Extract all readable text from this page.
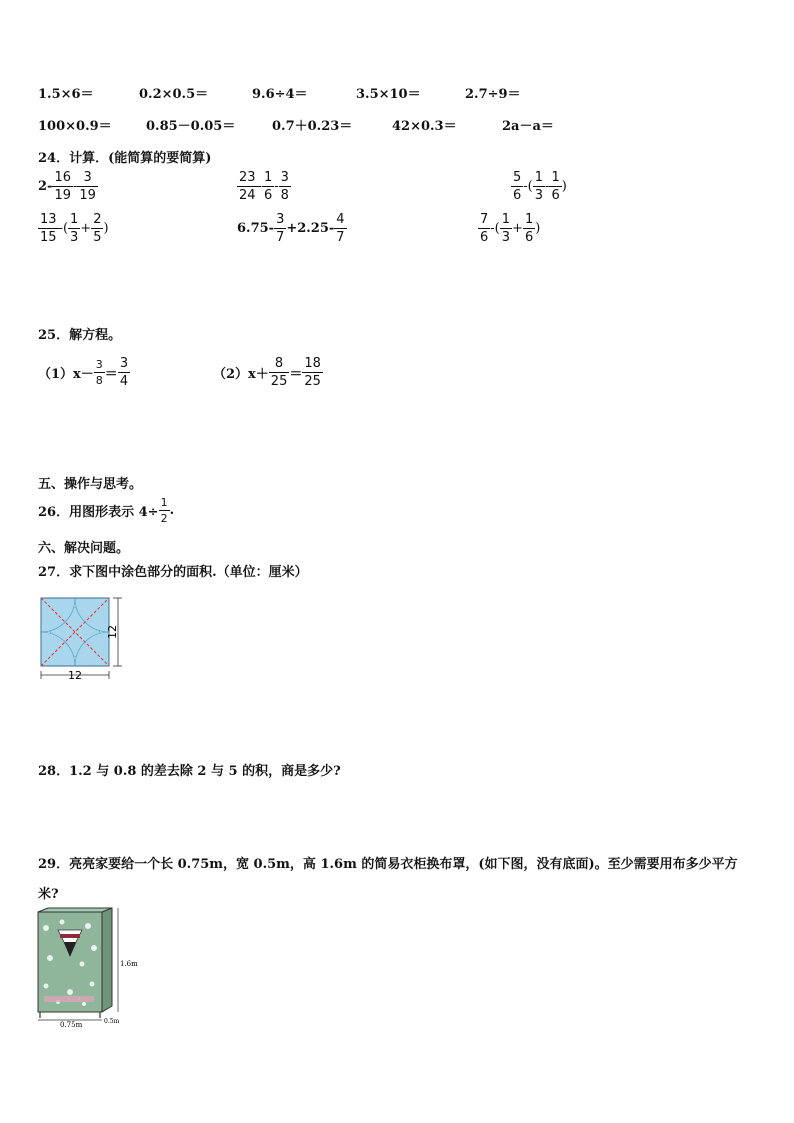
1.5×6＝	0.2×0.5＝	9.6÷4＝	3.5×10＝	2.7÷9＝
100×0.9＝	0.85－0.05＝	0.7＋0.23＝	42×0.3＝	2a－a＝
24．计算．(能简算的要简算)
$2- \frac{16}{19} - \frac{3}{19}$	$\frac{23}{24} - \frac{1}{6} - \frac{3}{8}$	$\frac{5}{6}$ -( $\frac{1}{3} - \frac{1}{6}$ )
$\frac{13}{15}$ -( $\frac{1}{3} + \frac{2}{5}$ )	$6.75- \frac{3}{7} +2.25- \frac{4}{7}$	$\frac{7}{6}$ -( $\frac{1}{3} + \frac{1}{6}$ )
25．解方程。
$(1)x- \frac{3}{8} = \frac{3}{4}$	$(2)x+ \frac{8}{25} = \frac{18}{25}$
五、操作与思考。
26．用图形表示 $4\div \frac{1}{2}$ .
六、解决问题。
27．求下图中涂色部分的面积.（单位：厘米）
12
12
28．1.2 与 0.8 的差去除 2 与 5 的积，商是多少?
29．亮亮家要给一个长 0.75m，宽 0.5m，高 1.6m 的简易衣柜换布罩，(如下图，没有底面)。至少需要用布多少平方
米?
1.6m
0.75m	0.5m
